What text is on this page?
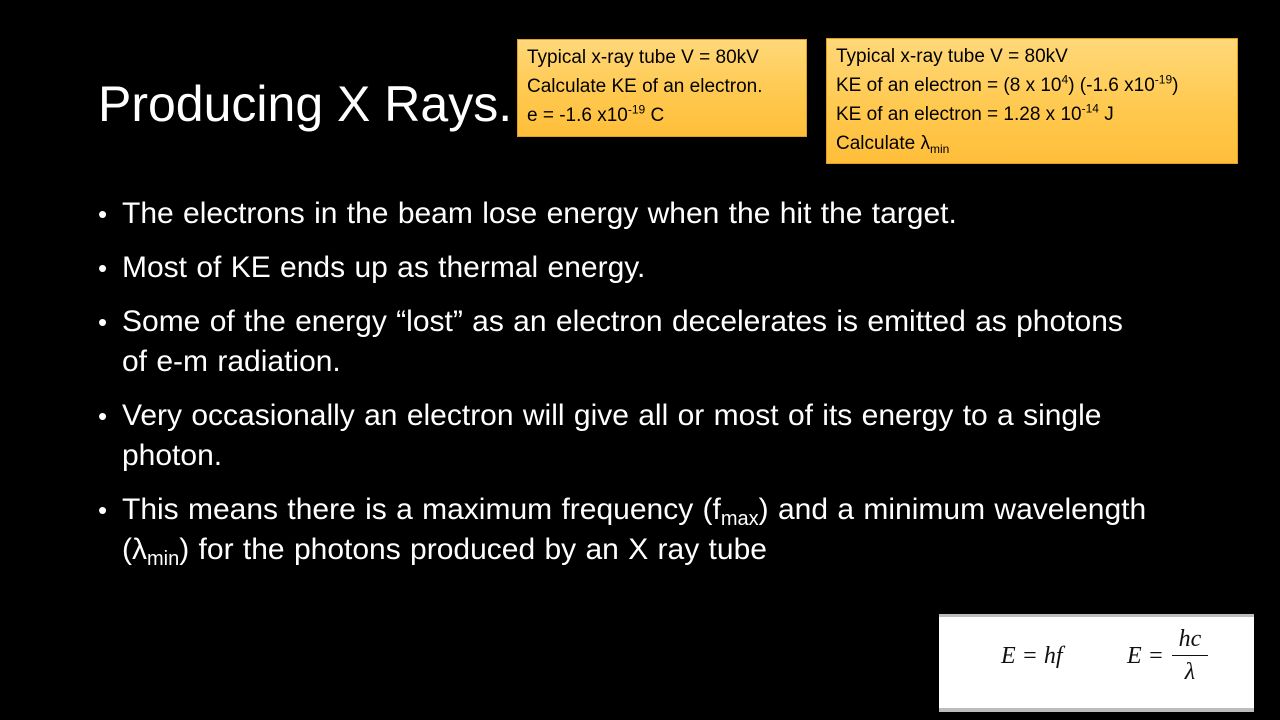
Producing X Rays.
Typical x-ray tube V = 80kV
Calculate KE of an electron.
e = -1.6 $x10^{-19}$ C
Typical x-ray tube V = 80kV
KE of an electron = (8 x $10^4$) (-1.6 $x10^{-19}$)
KE of an electron = 1.28 x $10^{-14}$ J
Calculate $\lambda_{min}$
• The electrons in the beam lose energy when the hit the target.
• Most of KE ends up as thermal energy.
• Some of the energy “lost” as an electron decelerates is emitted as photons of e-m radiation.
• Very occasionally an electron will give all or most of its energy to a single photon.
• This means there is a maximum frequency $(f_{max})$ and a minimum wavelength $(\lambda_{min})$ for the photons produced by an X ray tube
E = hf	E =
hc
λ
